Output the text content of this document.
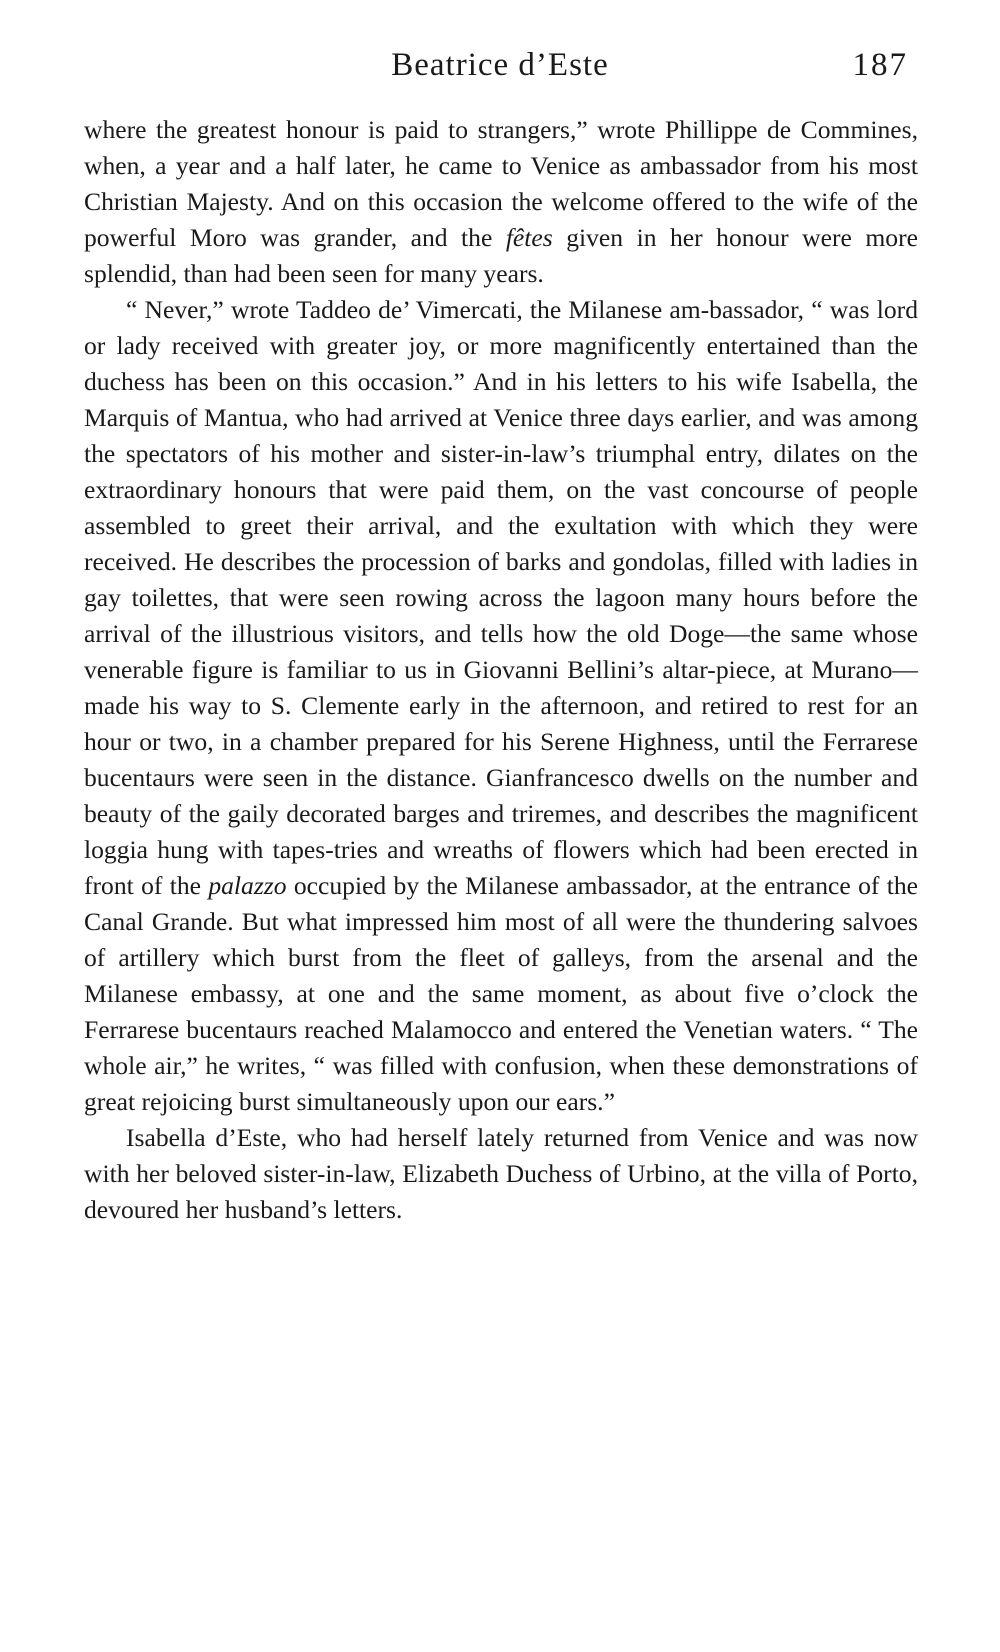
Beatrice d’Este	187

where the greatest honour is paid to strangers,” wrote Phillippe de Commines, when, a year and a half later, he came to Venice as ambassador from his most Christian Majesty. And on this occasion the welcome offered to the wife of the powerful Moro was grander, and the fêtes given in her honour were more splendid, than had been seen for many years.

“ Never,” wrote Taddeo de’ Vimercati, the Milanese am-bassador, “ was lord or lady received with greater joy, or more magnificently entertained than the duchess has been on this occasion.” And in his letters to his wife Isabella, the Marquis of Mantua, who had arrived at Venice three days earlier, and was among the spectators of his mother and sister-in-law’s triumphal entry, dilates on the extraordinary honours that were paid them, on the vast concourse of people assembled to greet their arrival, and the exultation with which they were received. He describes the procession of barks and gondolas, filled with ladies in gay toilettes, that were seen rowing across the lagoon many hours before the arrival of the illustrious visitors, and tells how the old Doge—the same whose venerable figure is familiar to us in Giovanni Bellini’s altar-piece, at Murano—made his way to S. Clemente early in the afternoon, and retired to rest for an hour or two, in a chamber prepared for his Serene Highness, until the Ferrarese bucentaurs were seen in the distance. Gianfrancesco dwells on the number and beauty of the gaily decorated barges and triremes, and describes the magnificent loggia hung with tapes-tries and wreaths of flowers which had been erected in front of the palazzo occupied by the Milanese ambassador, at the entrance of the Canal Grande. But what impressed him most of all were the thundering salvoes of artillery which burst from the fleet of galleys, from the arsenal and the Milanese embassy, at one and the same moment, as about five o’clock the Ferrarese bucentaurs reached Malamocco and entered the Venetian waters. “ The whole air,” he writes, “ was filled with confusion, when these demonstrations of great rejoicing burst simultaneously upon our ears.”

Isabella d’Este, who had herself lately returned from Venice and was now with her beloved sister-in-law, Elizabeth Duchess of Urbino, at the villa of Porto, devoured her husband’s letters.
